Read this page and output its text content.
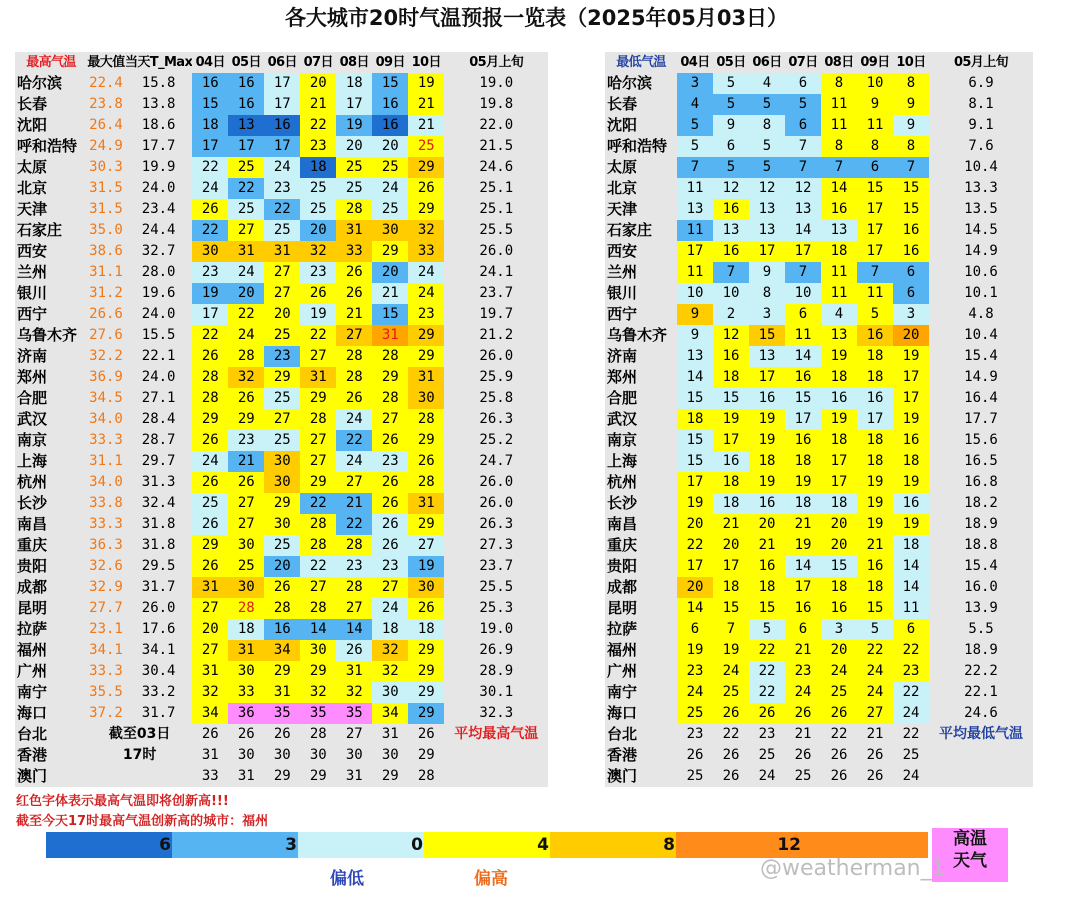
各大城市20时气温预报一览表（2025年05月03日）
最高气温	最大值	当天T_Max	04日	05日	06日	07日	08日	09日	10日	05月上旬
哈尔滨	22.4	15.8	16	16	17	20	18	15	19	19.0
长春	23.8	13.8	15	16	17	21	17	16	21	19.8
沈阳	26.4	18.6	18	13	16	22	19	16	21	22.0
呼和浩特	24.9	17.7	17	17	17	23	20	20	25	21.5
太原	30.3	19.9	22	25	24	18	25	25	29	24.6
北京	31.5	24.0	24	22	23	25	25	24	26	25.1
天津	31.5	23.4	26	25	22	25	28	25	29	25.1
石家庄	35.0	24.4	22	27	25	20	31	30	32	25.5
西安	38.6	32.7	30	31	31	32	33	29	33	26.0
兰州	31.1	28.0	23	24	27	23	26	20	24	24.1
银川	31.2	19.6	19	20	27	26	26	21	24	23.7
西宁	26.6	24.0	17	22	20	19	21	15	23	19.7
乌鲁木齐	27.6	15.5	22	24	25	22	27	31	29	21.2
济南	32.2	22.1	26	28	23	27	28	28	29	26.0
郑州	36.9	24.0	28	32	29	31	28	29	31	25.9
合肥	34.5	27.1	28	26	25	29	26	28	30	25.8
武汉	34.0	28.4	29	29	27	28	24	27	28	26.3
南京	33.3	28.7	26	23	25	27	22	26	29	25.2
上海	31.1	29.7	24	21	30	27	24	23	26	24.7
杭州	34.0	31.3	26	26	30	29	27	26	28	26.0
长沙	33.8	32.4	25	27	29	22	21	26	31	26.0
南昌	33.3	31.8	26	27	30	28	22	26	29	26.3
重庆	36.3	31.8	29	30	25	28	28	26	27	27.3
贵阳	32.6	29.5	26	25	20	22	23	23	19	23.7
成都	32.9	31.7	31	30	26	27	28	27	30	25.5
昆明	27.7	26.0	27	28	28	28	27	24	26	25.3
拉萨	23.1	17.6	20	18	16	14	14	18	18	19.0
福州	34.1	34.1	27	31	34	30	26	32	29	26.9
广州	33.3	30.4	31	30	29	29	31	32	29	28.9
南宁	35.5	33.2	32	33	31	32	32	30	29	30.1
海口	37.2	31.7	34	36	35	35	35	34	29	32.3
台北	截至03日		26	26	26	28	27	31	26	平均最高气温
香港	17时		31	30	30	30	30	30	29	
澳门			33	31	29	29	31	29	28	
最低气温	04日	05日	06日	07日	08日	09日	10日	05月上旬
哈尔滨	3	5	4	6	8	10	8	6.9
长春	4	5	5	5	11	9	9	8.1
沈阳	5	9	8	6	11	11	9	9.1
呼和浩特	5	6	5	7	8	8	8	7.6
太原	7	5	5	7	7	6	7	10.4
北京	11	12	12	12	14	15	15	13.3
天津	13	16	13	13	16	17	15	13.5
石家庄	11	13	13	14	13	17	16	14.5
西安	17	16	17	17	18	17	16	14.9
兰州	11	7	9	7	11	7	6	10.6
银川	10	10	8	10	11	11	6	10.1
西宁	9	2	3	6	4	5	3	4.8
乌鲁木齐	9	12	15	11	13	16	20	10.4
济南	13	16	13	14	19	18	19	15.4
郑州	14	18	17	16	18	18	17	14.9
合肥	15	15	16	15	16	16	17	16.4
武汉	18	19	19	17	19	17	19	17.7
南京	15	17	19	16	18	18	16	15.6
上海	15	16	18	18	17	18	18	16.5
杭州	17	18	19	19	17	19	19	16.8
长沙	19	18	16	18	18	19	16	18.2
南昌	20	21	20	21	20	19	19	18.9
重庆	22	20	21	19	20	21	18	18.8
贵阳	17	17	16	14	15	16	14	15.4
成都	20	18	18	17	18	18	14	16.0
昆明	14	15	15	16	16	15	11	13.9
拉萨	6	7	5	6	3	5	6	5.5
福州	19	19	22	21	20	22	22	18.9
广州	23	24	22	23	24	24	23	22.2
南宁	24	25	22	24	25	24	22	22.1
海口	25	26	26	26	26	27	24	24.6
台北	23	22	23	21	22	21	22	平均最低气温
香港	26	26	25	26	26	26	25	
澳门	25	26	24	25	26	26	24	
红色字体表示最高气温即将创新高!!!
截至今天17时最高气温创新高的城市：福州
6	3	0	4	8	12	高温
天气
偏低	偏高	@weatherman_1
